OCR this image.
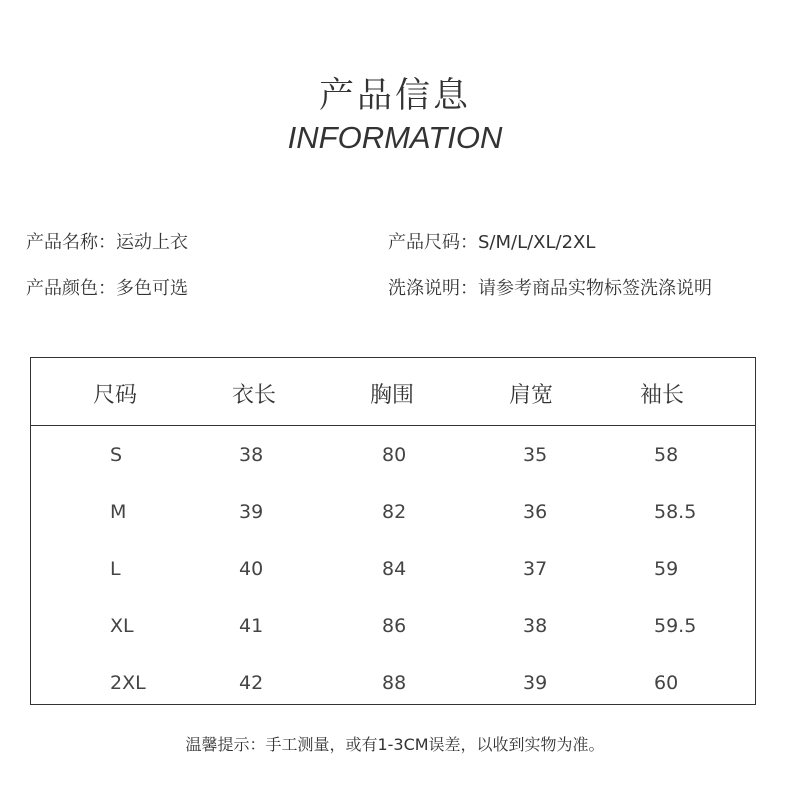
产品信息
INFORMATION
产品名称：运动上衣	产品尺码：S/M/L/XL/2XL
产品颜色：多色可选	洗涤说明：请参考商品实物标签洗涤说明
尺码	衣长	胸围	肩宽	袖长
S	38	80	35	58
M	39	82	36	58.5
L	40	84	37	59
XL	41	86	38	59.5
2XL	42	88	39	60
温馨提示：手工测量，或有1-3CM误差，以收到实物为准。
